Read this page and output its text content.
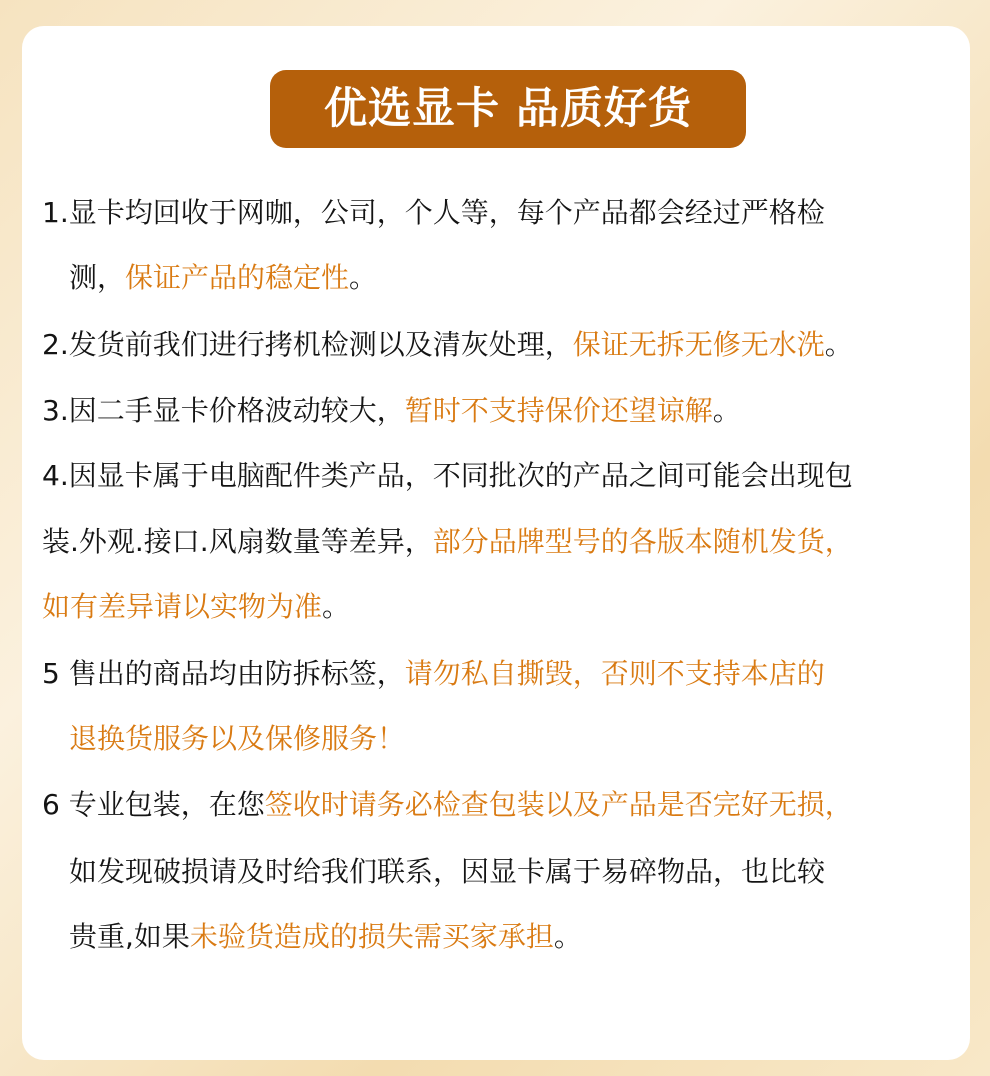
优选显卡 品质好货
1.显卡均回收于网咖，公司，个人等，每个产品都会经过严格检
测，保证产品的稳定性。
2.发货前我们进行拷机检测以及清灰处理，保证无拆无修无水洗。
3.因二手显卡价格波动较大，暂时不支持保价还望谅解。
4.因显卡属于电脑配件类产品，不同批次的产品之间可能会出现包
装.外观.接口.风扇数量等差异，部分品牌型号的各版本随机发货，
如有差异请以实物为准。
5 售出的商品均由防拆标签，请勿私自撕毁，否则不支持本店的
退换货服务以及保修服务！
6 专业包装，在您签收时请务必检查包装以及产品是否完好无损，
如发现破损请及时给我们联系，因显卡属于易碎物品，也比较
贵重,如果未验货造成的损失需买家承担。
